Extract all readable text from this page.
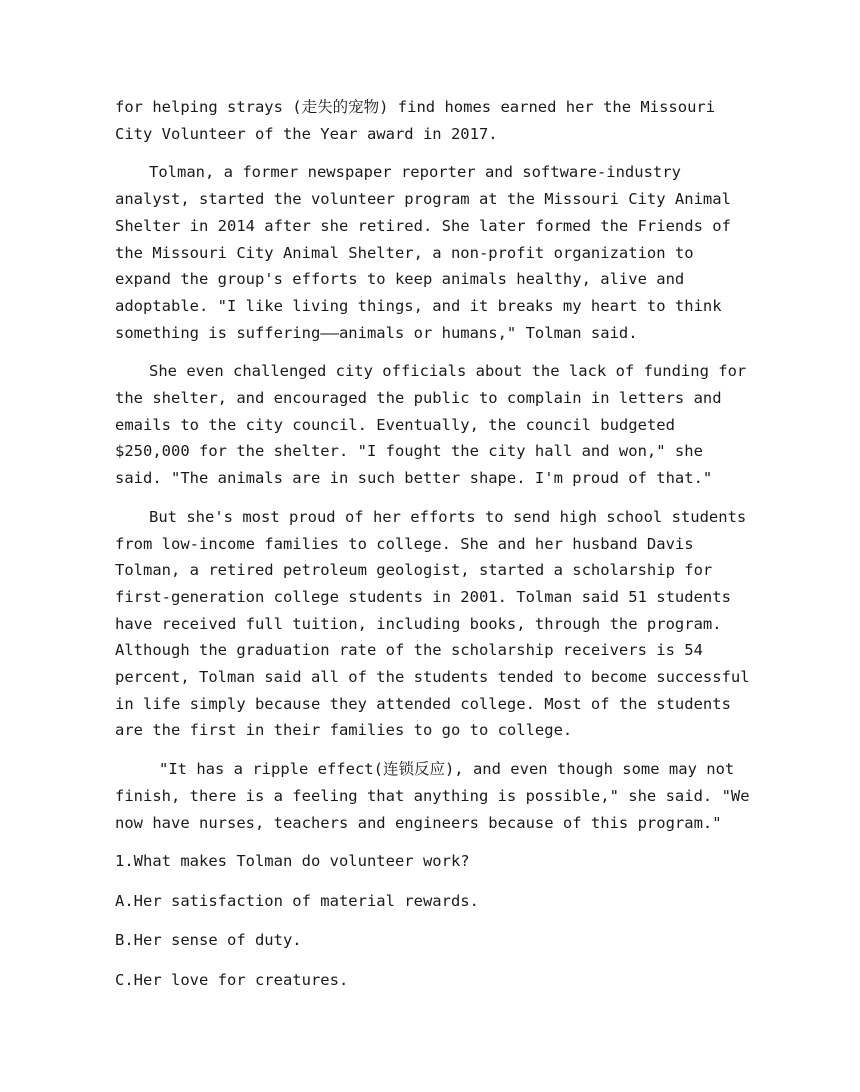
for helping strays (走失的宠物) find homes earned her the Missouri City Volunteer of the Year award in 2017.

Tolman, a former newspaper reporter and software-industry analyst, started the volunteer program at the Missouri City Animal Shelter in 2014 after she retired. She later formed the Friends of the Missouri City Animal Shelter, a non-profit organization to expand the group's efforts to keep animals healthy, alive and adoptable. "I like living things, and it breaks my heart to think something is suffering——animals or humans," Tolman said.

She even challenged city officials about the lack of funding for the shelter, and encouraged the public to complain in letters and emails to the city council. Eventually, the council budgeted $250,000 for the shelter. "I fought the city hall and won," she said. "The animals are in such better shape. I'm proud of that."

But she's most proud of her efforts to send high school students from low-income families to college. She and her husband Davis Tolman, a retired petroleum geologist, started a scholarship for first-generation college students in 2001. Tolman said 51 students have received full tuition, including books, through the program. Although the graduation rate of the scholarship receivers is 54 percent, Tolman said all of the students tended to become successful in life simply because they attended college. Most of the students are the first in their families to go to college.

"It has a ripple effect(连锁反应), and even though some may not finish, there is a feeling that anything is possible," she said. "We now have nurses, teachers and engineers because of this program."

1.What makes Tolman do volunteer work?

A.Her satisfaction of material rewards.

B.Her sense of duty.

C.Her love for creatures.
